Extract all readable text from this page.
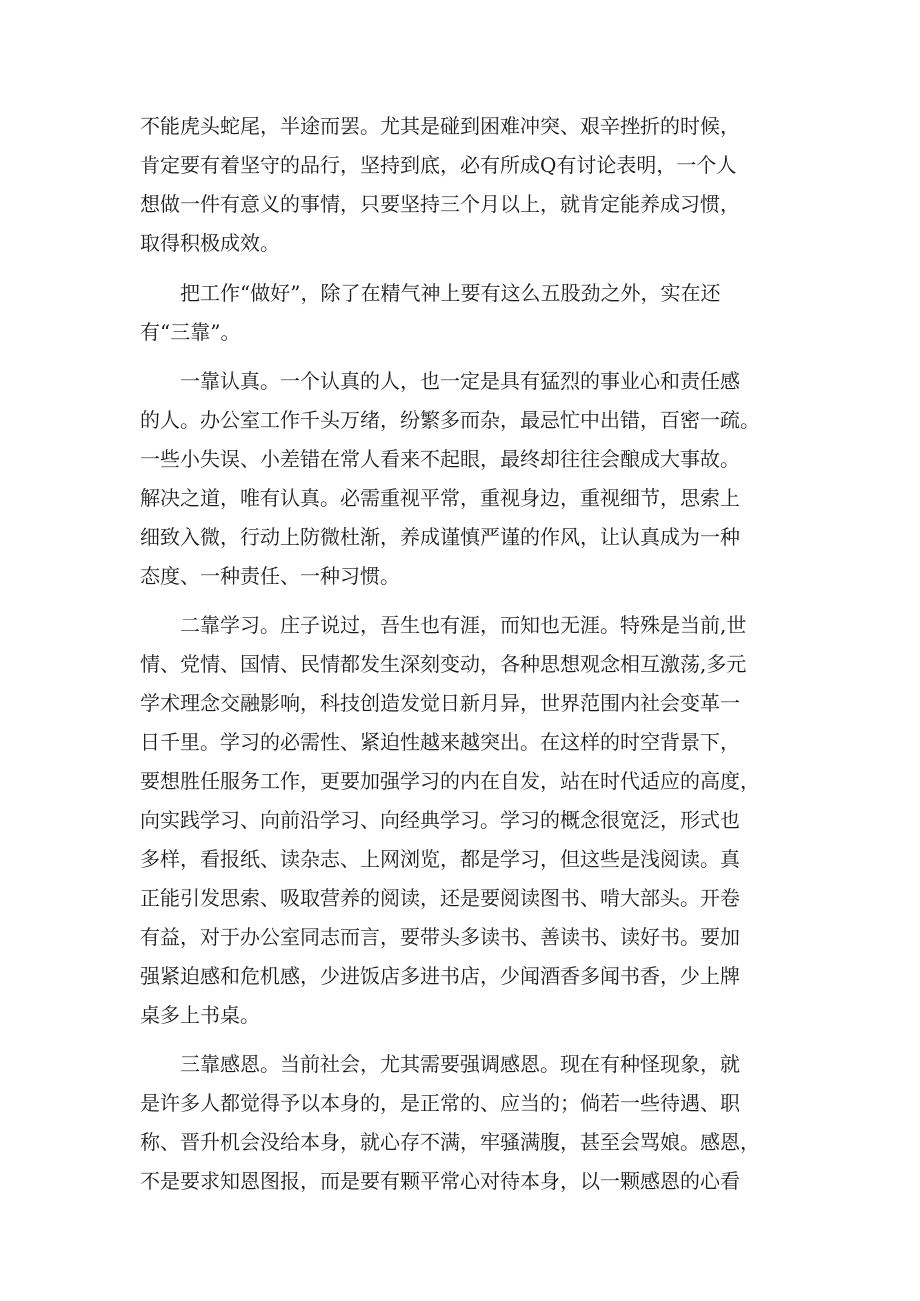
不能虎头蛇尾，半途而罢。尤其是碰到困难冲突、艰辛挫折的时候，
肯定要有着坚守的品行，坚持到底，必有所成Q有讨论表明，一个人
想做一件有意义的事情，只要坚持三个月以上，就肯定能养成习惯，
取得积极成效。
把工作“做好”，除了在精气神上要有这么五股劲之外，实在还
有“三靠”。
一靠认真。一个认真的人，也一定是具有猛烈的事业心和责任感
的人。办公室工作千头万绪，纷繁多而杂，最忌忙中出错，百密一疏。
一些小失误、小差错在常人看来不起眼，最终却往往会酿成大事故。
解决之道，唯有认真。必需重视平常，重视身边，重视细节，思索上
细致入微，行动上防微杜渐，养成谨慎严谨的作风，让认真成为一种
态度、一种责任、一种习惯。
二靠学习。庄子说过，吾生也有涯，而知也无涯。特殊是当前,世
情、党情、国情、民情都发生深刻变动，各种思想观念相互激荡,多元
学术理念交融影响，科技创造发觉日新月异，世界范围内社会变革一
日千里。学习的必需性、紧迫性越来越突出。在这样的时空背景下，
要想胜任服务工作，更要加强学习的内在自发，站在时代适应的高度，
向实践学习、向前沿学习、向经典学习。学习的概念很宽泛，形式也
多样，看报纸、读杂志、上网浏览，都是学习，但这些是浅阅读。真
正能引发思索、吸取营养的阅读，还是要阅读图书、啃大部头。开卷
有益，对于办公室同志而言，要带头多读书、善读书、读好书。要加
强紧迫感和危机感，少进饭店多进书店，少闻酒香多闻书香，少上牌
桌多上书桌。
三靠感恩。当前社会，尤其需要强调感恩。现在有种怪现象，就
是许多人都觉得予以本身的，是正常的、应当的；倘若一些待遇、职
称、晋升机会没给本身，就心存不满，牢骚满腹，甚至会骂娘。感恩，
不是要求知恩图报，而是要有颗平常心对待本身，以一颗感恩的心看
